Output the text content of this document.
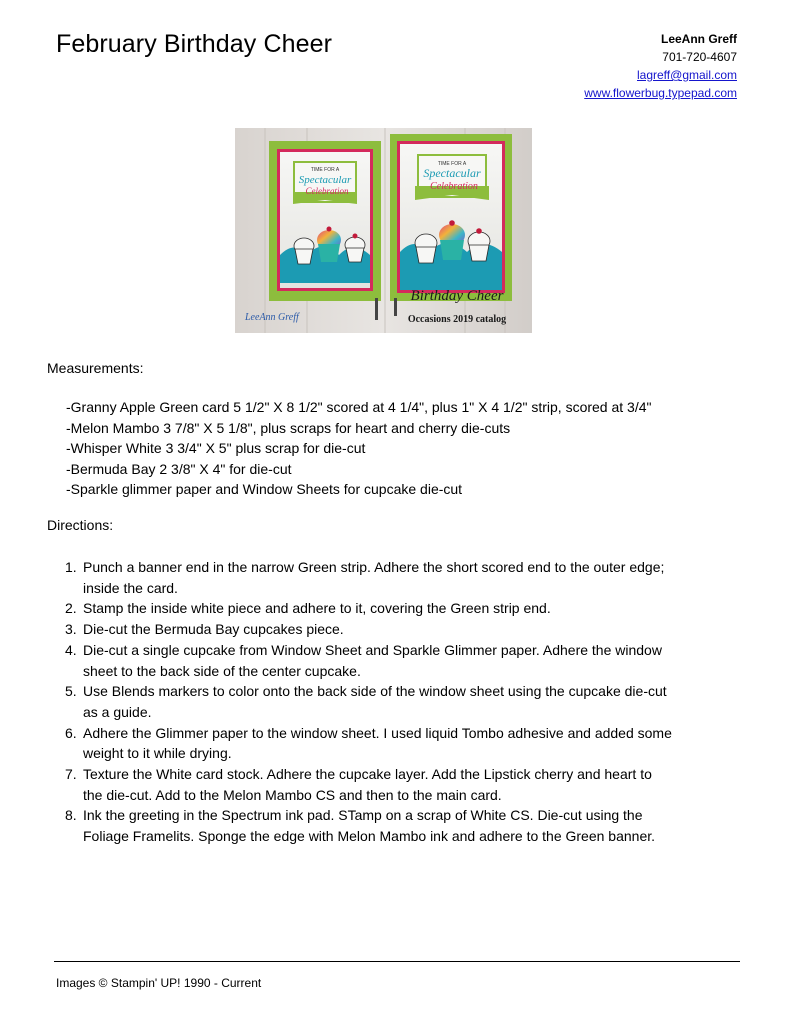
February Birthday Cheer	LeeAnn Greff
701-720-4607
lagreff@gmail.com
www.flowerbug.typepad.com
TIME FOR A
Spectacular
Celebration
TIME FOR A
Spectacular
Celebration
Birthday Cheer
Occasions 2019 catalog
LeeAnn Greff
Measurements:
-Granny Apple Green card 5 1/2" X 8 1/2" scored at 4 1/4", plus 1" X 4 1/2" strip, scored at 3/4"
-Melon Mambo 3 7/8" X 5 1/8", plus scraps for heart and cherry die-cuts
-Whisper White 3 3/4" X 5" plus scrap for die-cut
-Bermuda Bay 2 3/8" X 4" for die-cut
-Sparkle glimmer paper and Window Sheets for cupcake die-cut
Directions:
1. Punch a banner end in the narrow Green strip. Adhere the short scored end to the outer edge;
inside the card.
2. Stamp the inside white piece and adhere to it, covering the Green strip end.
3. Die-cut the Bermuda Bay cupcakes piece.
4. Die-cut a single cupcake from Window Sheet and Sparkle Glimmer paper. Adhere the window
sheet to the back side of the center cupcake.
5. Use Blends markers to color onto the back side of the window sheet using the cupcake die-cut
as a guide.
6. Adhere the Glimmer paper to the window sheet. I used liquid Tombo adhesive and added some
weight to it while drying.
7. Texture the White card stock. Adhere the cupcake layer. Add the Lipstick cherry and heart to
the die-cut. Add to the Melon Mambo CS and then to the main card.
8. Ink the greeting in the Spectrum ink pad. STamp on a scrap of White CS. Die-cut using the
Foliage Framelits. Sponge the edge with Melon Mambo ink and adhere to the Green banner.
Images © Stampin' UP! 1990 - Current
